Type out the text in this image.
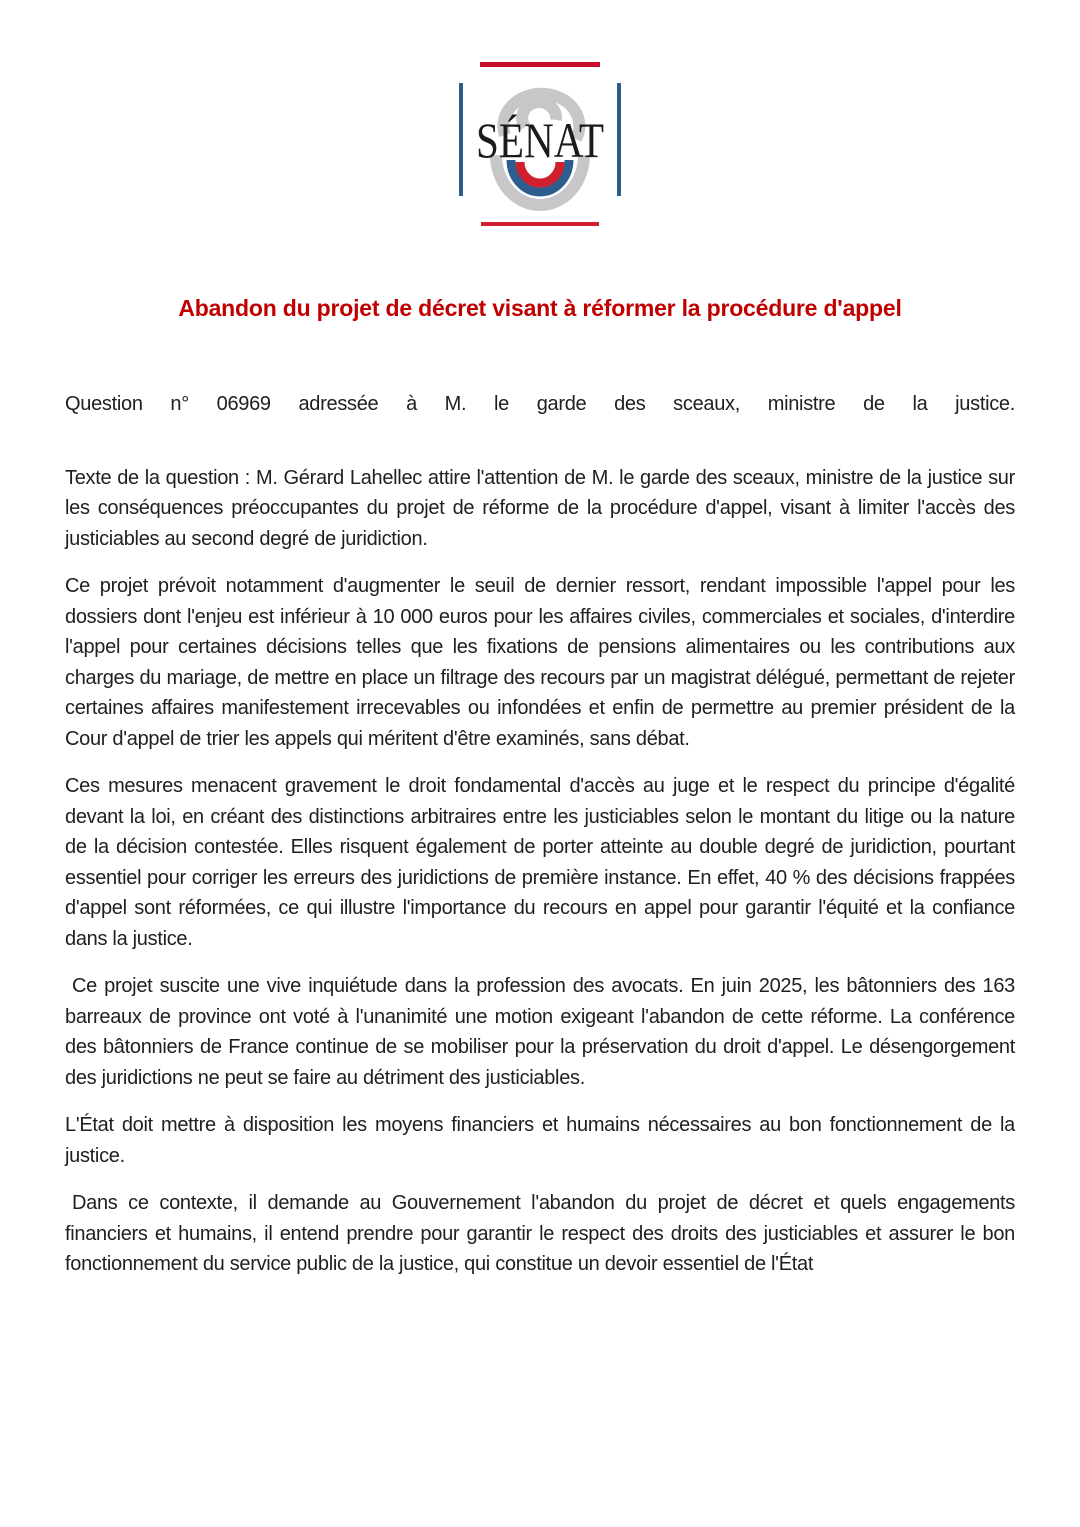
SÉNAT
Abandon du projet de décret visant à réformer la procédure d'appel

Question n° 06969 adressée à M. le garde des sceaux, ministre de la justice.

Texte de la question : M. Gérard Lahellec attire l'attention de M. le garde des sceaux, ministre de la justice sur les conséquences préoccupantes du projet de réforme de la procédure d'appel, visant à limiter l'accès des justiciables au second degré de juridiction.

Ce projet prévoit notamment d'augmenter le seuil de dernier ressort, rendant impossible l'appel pour les dossiers dont l'enjeu est inférieur à 10 000 euros pour les affaires civiles, commerciales et sociales, d'interdire l'appel pour certaines décisions telles que les fixations de pensions alimentaires ou les contributions aux charges du mariage, de mettre en place un filtrage des recours par un magistrat délégué, permettant de rejeter certaines affaires manifestement irrecevables ou infondées et enfin de permettre au premier président de la Cour d'appel de trier les appels qui méritent d'être examinés, sans débat.

Ces mesures menacent gravement le droit fondamental d'accès au juge et le respect du principe d'égalité devant la loi, en créant des distinctions arbitraires entre les justiciables selon le montant du litige ou la nature de la décision contestée. Elles risquent également de porter atteinte au double degré de juridiction, pourtant essentiel pour corriger les erreurs des juridictions de première instance. En effet, 40 % des décisions frappées d'appel sont réformées, ce qui illustre l'importance du recours en appel pour garantir l'équité et la confiance dans la justice.

Ce projet suscite une vive inquiétude dans la profession des avocats. En juin 2025, les bâtonniers des 163 barreaux de province ont voté à l'unanimité une motion exigeant l'abandon de cette réforme. La conférence des bâtonniers de France continue de se mobiliser pour la préservation du droit d'appel. Le désengorgement des juridictions ne peut se faire au détriment des justiciables.

L'État doit mettre à disposition les moyens financiers et humains nécessaires au bon fonctionnement de la justice.

Dans ce contexte, il demande au Gouvernement l'abandon du projet de décret et quels engagements financiers et humains, il entend prendre pour garantir le respect des droits des justiciables et assurer le bon fonctionnement du service public de la justice, qui constitue un devoir essentiel de l'État
